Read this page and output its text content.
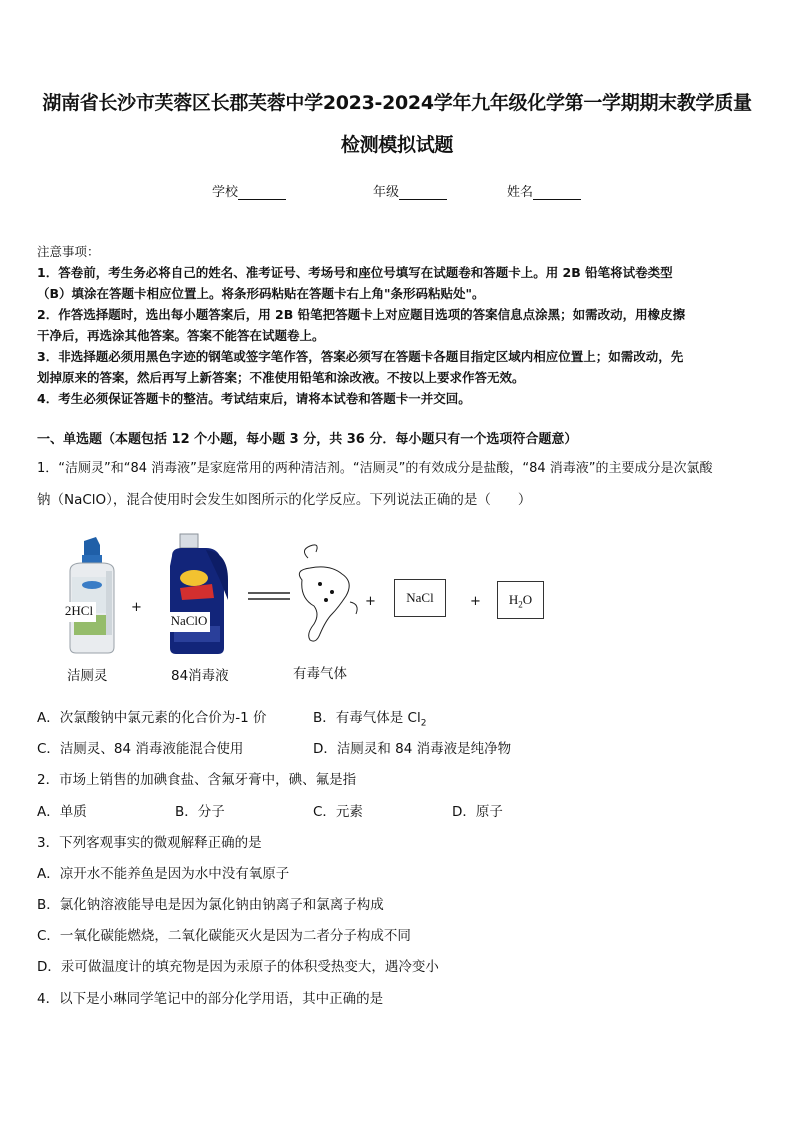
湖南省长沙市芙蓉区长郡芙蓉中学2023-2024学年九年级化学第一学期期末教学质量
检测模拟试题
学校	年级	姓名
注意事项：
1．答卷前，考生务必将自己的姓名、准考证号、考场号和座位号填写在试题卷和答题卡上。用 2B 铅笔将试卷类型
（B）填涂在答题卡相应位置上。将条形码粘贴在答题卡右上角"条形码粘贴处"。
2．作答选择题时，选出每小题答案后，用 2B 铅笔把答题卡上对应题目选项的答案信息点涂黑；如需改动，用橡皮擦
干净后，再选涂其他答案。答案不能答在试题卷上。
3．非选择题必须用黑色字迹的钢笔或签字笔作答，答案必须写在答题卡各题目指定区域内相应位置上；如需改动，先
划掉原来的答案，然后再写上新答案；不准使用铅笔和涂改液。不按以上要求作答无效。
4．考生必须保证答题卡的整洁。考试结束后，请将本试卷和答题卡一并交回。
一、单选题（本题包括 12 个小题，每小题 3 分，共 36 分．每小题只有一个选项符合题意）
1．“洁厕灵”和“84 消毒液”是家庭常用的两种清洁剂。“洁厕灵”的有效成分是盐酸，“84 消毒液”的主要成分是次氯酸
钠（NaClO），混合使用时会发生如图所示的化学反应。下列说法正确的是（　　）
2HCl	+
NaClO
+	NaCl	+	$H_2O$
洁厕灵	84消毒液	有毒气体
A．次氯酸钠中氯元素的化合价为-1 价	B．有毒气体是 $Cl_2$
C．洁厕灵、84 消毒液能混合使用	D．洁厕灵和 84 消毒液是纯净物
2．市场上销售的加碘食盐、含氟牙膏中，碘、氟是指
A．单质	B．分子	C．元素	D．原子
3．下列客观事实的微观解释正确的是
A．凉开水不能养鱼是因为水中没有氧原子
B．氯化钠溶液能导电是因为氯化钠由钠离子和氯离子构成
C．一氧化碳能燃烧，二氧化碳能灭火是因为二者分子构成不同
D．汞可做温度计的填充物是因为汞原子的体积受热变大，遇冷变小
4．以下是小琳同学笔记中的部分化学用语，其中正确的是
